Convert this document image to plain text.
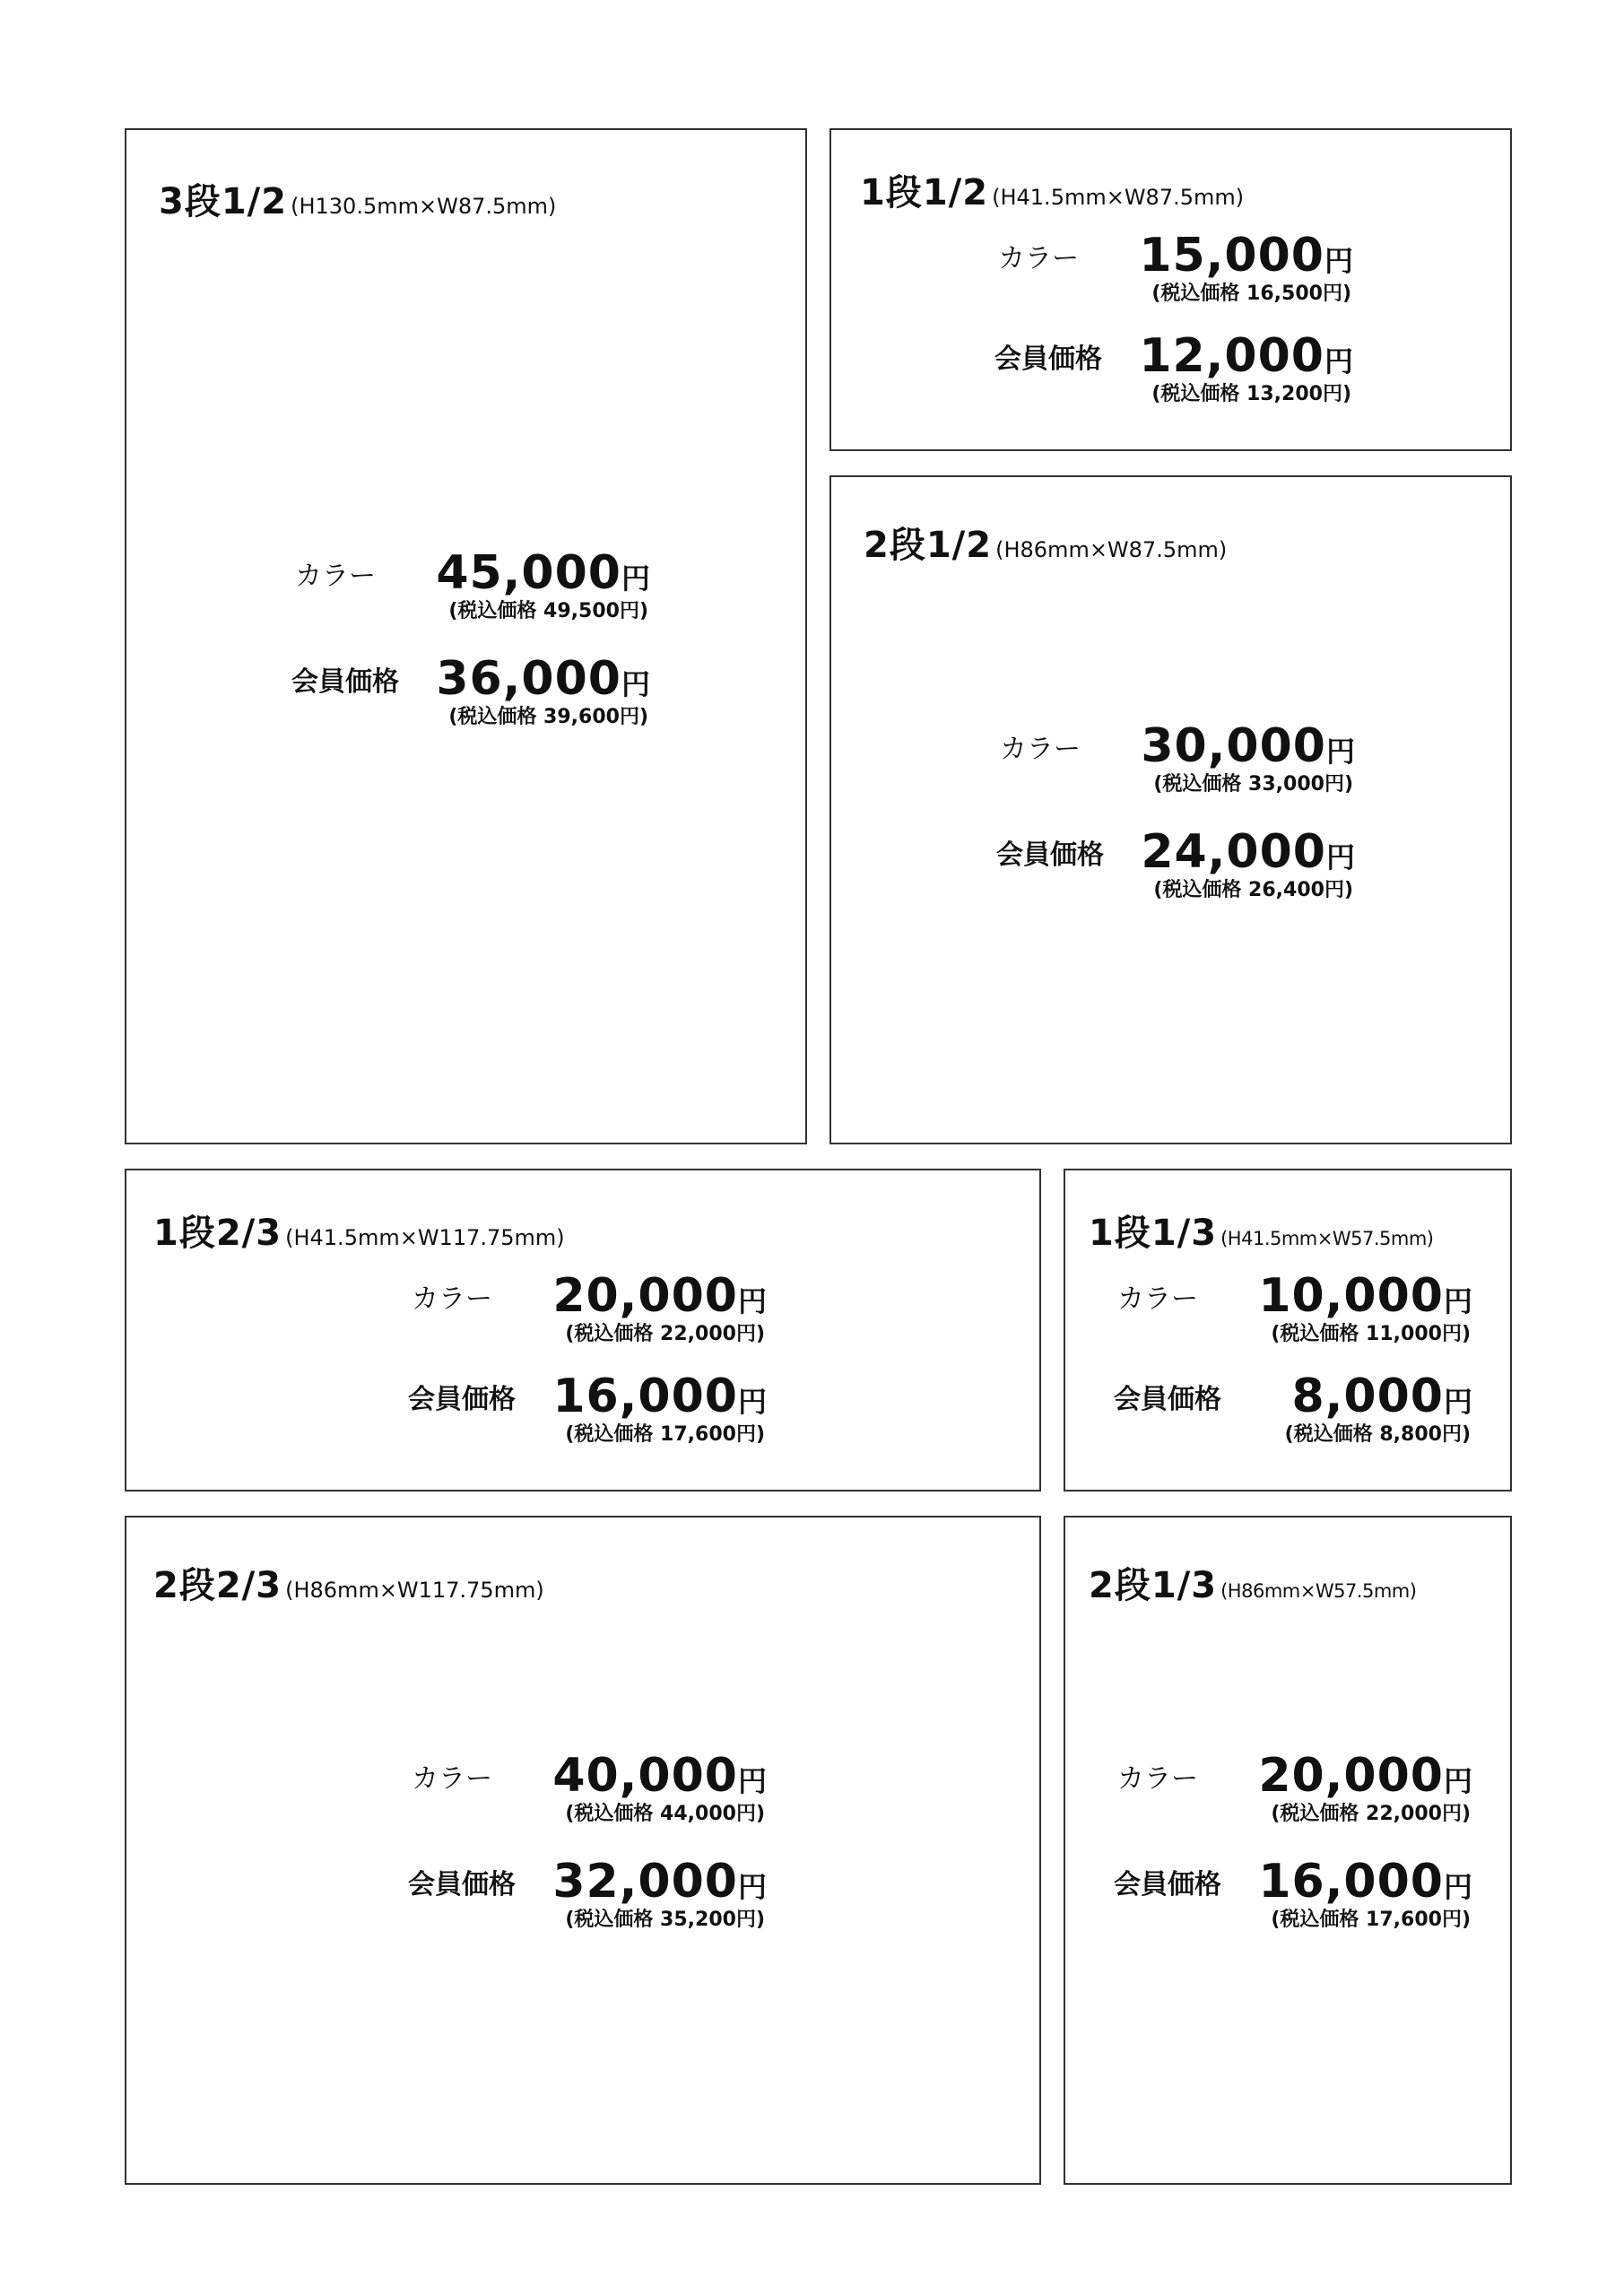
3段1/2 (H130.5mm×W87.5mm)
カラー 45,000円
(税込価格 49,500円)
会員価格 36,000円
(税込価格 39,600円)
1段1/2 (H41.5mm×W87.5mm)
カラー 15,000円
(税込価格 16,500円)
会員価格 12,000円
(税込価格 13,200円)
2段1/2 (H86mm×W87.5mm)
カラー 30,000円
(税込価格 33,000円)
会員価格 24,000円
(税込価格 26,400円)
1段2/3 (H41.5mm×W117.75mm)
カラー 20,000円
(税込価格 22,000円)
会員価格 16,000円
(税込価格 17,600円)
1段1/3 (H41.5mm×W57.5mm)
カラー 10,000円
(税込価格 11,000円)
会員価格 8,000円
(税込価格 8,800円)
2段2/3 (H86mm×W117.75mm)
カラー 40,000円
(税込価格 44,000円)
会員価格 32,000円
(税込価格 35,200円)
2段1/3 (H86mm×W57.5mm)
カラー 20,000円
(税込価格 22,000円)
会員価格 16,000円
(税込価格 17,600円)
